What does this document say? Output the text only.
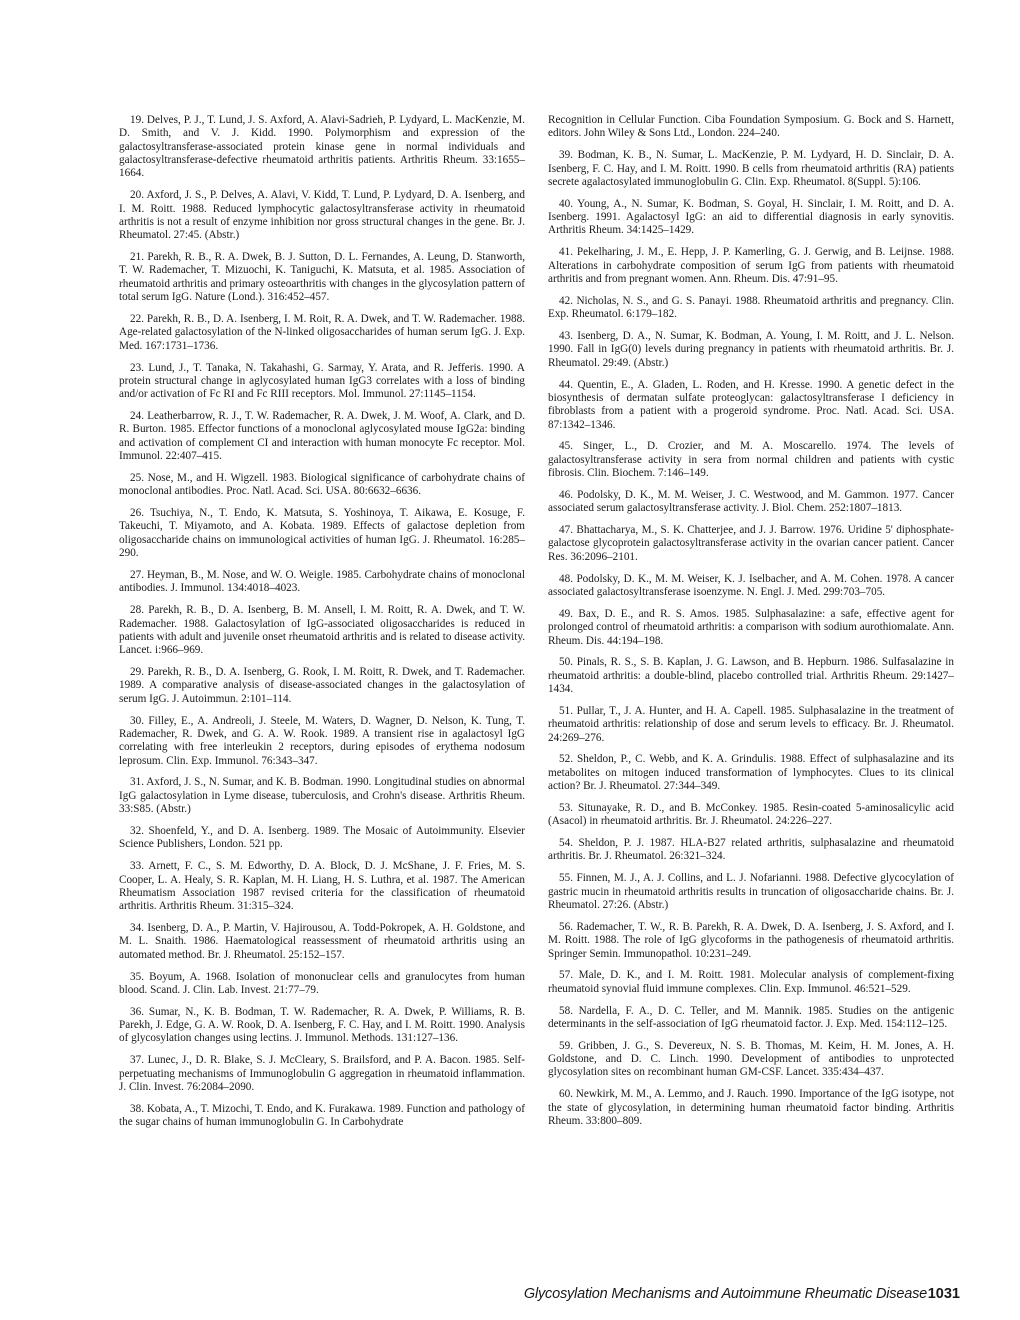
19. Delves, P. J., T. Lund, J. S. Axford, A. Alavi-Sadrieh, P. Lydyard, L. MacKenzie, M. D. Smith, and V. J. Kidd. 1990. Polymorphism and expression of the galactosyltransferase-associated protein kinase gene in normal individuals and galactosyltransferase-defective rheumatoid arthritis patients. Arthritis Rheum. 33:1655–1664.

20. Axford, J. S., P. Delves, A. Alavi, V. Kidd, T. Lund, P. Lydyard, D. A. Isenberg, and I. M. Roitt. 1988. Reduced lymphocytic galactosyltransferase activity in rheumatoid arthritis is not a result of enzyme inhibition nor gross structural changes in the gene. Br. J. Rheumatol. 27:45. (Abstr.)

21. Parekh, R. B., R. A. Dwek, B. J. Sutton, D. L. Fernandes, A. Leung, D. Stanworth, T. W. Rademacher, T. Mizuochi, K. Taniguchi, K. Matsuta, et al. 1985. Association of rheumatoid arthritis and primary osteoarthritis with changes in the glycosylation pattern of total serum IgG. Nature (Lond.). 316:452–457.

22. Parekh, R. B., D. A. Isenberg, I. M. Roit, R. A. Dwek, and T. W. Rademacher. 1988. Age-related galactosylation of the N-linked oligosaccharides of human serum IgG. J. Exp. Med. 167:1731–1736.

23. Lund, J., T. Tanaka, N. Takahashi, G. Sarmay, Y. Arata, and R. Jefferis. 1990. A protein structural change in aglycosylated human IgG3 correlates with a loss of binding and/or activation of Fc RI and Fc RIII receptors. Mol. Immunol. 27:1145–1154.

24. Leatherbarrow, R. J., T. W. Rademacher, R. A. Dwek, J. M. Woof, A. Clark, and D. R. Burton. 1985. Effector functions of a monoclonal aglycosylated mouse IgG2a: binding and activation of complement CI and interaction with human monocyte Fc receptor. Mol. Immunol. 22:407–415.

25. Nose, M., and H. Wigzell. 1983. Biological significance of carbohydrate chains of monoclonal antibodies. Proc. Natl. Acad. Sci. USA. 80:6632–6636.

26. Tsuchiya, N., T. Endo, K. Matsuta, S. Yoshinoya, T. Aikawa, E. Kosuge, F. Takeuchi, T. Miyamoto, and A. Kobata. 1989. Effects of galactose depletion from oligosaccharide chains on immunological activities of human IgG. J. Rheumatol. 16:285–290.

27. Heyman, B., M. Nose, and W. O. Weigle. 1985. Carbohydrate chains of monoclonal antibodies. J. Immunol. 134:4018–4023.

28. Parekh, R. B., D. A. Isenberg, B. M. Ansell, I. M. Roitt, R. A. Dwek, and T. W. Rademacher. 1988. Galactosylation of IgG-associated oligosaccharides is reduced in patients with adult and juvenile onset rheumatoid arthritis and is related to disease activity. Lancet. i:966–969.

29. Parekh, R. B., D. A. Isenberg, G. Rook, I. M. Roitt, R. Dwek, and T. Rademacher. 1989. A comparative analysis of disease-associated changes in the galactosylation of serum IgG. J. Autoimmun. 2:101–114.

30. Filley, E., A. Andreoli, J. Steele, M. Waters, D. Wagner, D. Nelson, K. Tung, T. Rademacher, R. Dwek, and G. A. W. Rook. 1989. A transient rise in agalactosyl IgG correlating with free interleukin 2 receptors, during episodes of erythema nodosum leprosum. Clin. Exp. Immunol. 76:343–347.

31. Axford, J. S., N. Sumar, and K. B. Bodman. 1990. Longitudinal studies on abnormal IgG galactosylation in Lyme disease, tuberculosis, and Crohn's disease. Arthritis Rheum. 33:S85. (Abstr.)

32. Shoenfeld, Y., and D. A. Isenberg. 1989. The Mosaic of Autoimmunity. Elsevier Science Publishers, London. 521 pp.

33. Arnett, F. C., S. M. Edworthy, D. A. Block, D. J. McShane, J. F. Fries, M. S. Cooper, L. A. Healy, S. R. Kaplan, M. H. Liang, H. S. Luthra, et al. 1987. The American Rheumatism Association 1987 revised criteria for the classification of rheumatoid arthritis. Arthritis Rheum. 31:315–324.

34. Isenberg, D. A., P. Martin, V. Hajirousou, A. Todd-Pokropek, A. H. Goldstone, and M. L. Snaith. 1986. Haematological reassessment of rheumatoid arthritis using an automated method. Br. J. Rheumatol. 25:152–157.

35. Boyum, A. 1968. Isolation of mononuclear cells and granulocytes from human blood. Scand. J. Clin. Lab. Invest. 21:77–79.

36. Sumar, N., K. B. Bodman, T. W. Rademacher, R. A. Dwek, P. Williams, R. B. Parekh, J. Edge, G. A. W. Rook, D. A. Isenberg, F. C. Hay, and I. M. Roitt. 1990. Analysis of glycosylation changes using lectins. J. Immunol. Methods. 131:127–136.

37. Lunec, J., D. R. Blake, S. J. McCleary, S. Brailsford, and P. A. Bacon. 1985. Self-perpetuating mechanisms of Immunoglobulin G aggregation in rheumatoid inflammation. J. Clin. Invest. 76:2084–2090.

38. Kobata, A., T. Mizochi, T. Endo, and K. Furakawa. 1989. Function and pathology of the sugar chains of human immunoglobulin G. In Carbohydrate

Recognition in Cellular Function. Ciba Foundation Symposium. G. Bock and S. Harnett, editors. John Wiley & Sons Ltd., London. 224–240.

39. Bodman, K. B., N. Sumar, L. MacKenzie, P. M. Lydyard, H. D. Sinclair, D. A. Isenberg, F. C. Hay, and I. M. Roitt. 1990. B cells from rheumatoid arthritis (RA) patients secrete agalactosylated immunoglobulin G. Clin. Exp. Rheumatol. 8(Suppl. 5):106.

40. Young, A., N. Sumar, K. Bodman, S. Goyal, H. Sinclair, I. M. Roitt, and D. A. Isenberg. 1991. Agalactosyl IgG: an aid to differential diagnosis in early synovitis. Arthritis Rheum. 34:1425–1429.

41. Pekelharing, J. M., E. Hepp, J. P. Kamerling, G. J. Gerwig, and B. Leijnse. 1988. Alterations in carbohydrate composition of serum IgG from patients with rheumatoid arthritis and from pregnant women. Ann. Rheum. Dis. 47:91–95.

42. Nicholas, N. S., and G. S. Panayi. 1988. Rheumatoid arthritis and pregnancy. Clin. Exp. Rheumatol. 6:179–182.

43. Isenberg, D. A., N. Sumar, K. Bodman, A. Young, I. M. Roitt, and J. L. Nelson. 1990. Fall in IgG(0) levels during pregnancy in patients with rheumatoid arthritis. Br. J. Rheumatol. 29:49. (Abstr.)

44. Quentin, E., A. Gladen, L. Roden, and H. Kresse. 1990. A genetic defect in the biosynthesis of dermatan sulfate proteoglycan: galactosyltransferase I deficiency in fibroblasts from a patient with a progeroid syndrome. Proc. Natl. Acad. Sci. USA. 87:1342–1346.

45. Singer, L., D. Crozier, and M. A. Moscarello. 1974. The levels of galactosyltransferase activity in sera from normal children and patients with cystic fibrosis. Clin. Biochem. 7:146–149.

46. Podolsky, D. K., M. M. Weiser, J. C. Westwood, and M. Gammon. 1977. Cancer associated serum galactosyltransferase activity. J. Biol. Chem. 252:1807–1813.

47. Bhattacharya, M., S. K. Chatterjee, and J. J. Barrow. 1976. Uridine 5' diphosphate-galactose glycoprotein galactosyltransferase activity in the ovarian cancer patient. Cancer Res. 36:2096–2101.

48. Podolsky, D. K., M. M. Weiser, K. J. Iselbacher, and A. M. Cohen. 1978. A cancer associated galactosyltransferase isoenzyme. N. Engl. J. Med. 299:703–705.

49. Bax, D. E., and R. S. Amos. 1985. Sulphasalazine: a safe, effective agent for prolonged control of rheumatoid arthritis: a comparison with sodium aurothiomalate. Ann. Rheum. Dis. 44:194–198.

50. Pinals, R. S., S. B. Kaplan, J. G. Lawson, and B. Hepburn. 1986. Sulfasalazine in rheumatoid arthritis: a double-blind, placebo controlled trial. Arthritis Rheum. 29:1427–1434.

51. Pullar, T., J. A. Hunter, and H. A. Capell. 1985. Sulphasalazine in the treatment of rheumatoid arthritis: relationship of dose and serum levels to efficacy. Br. J. Rheumatol. 24:269–276.

52. Sheldon, P., C. Webb, and K. A. Grindulis. 1988. Effect of sulphasalazine and its metabolites on mitogen induced transformation of lymphocytes. Clues to its clinical action? Br. J. Rheumatol. 27:344–349.

53. Situnayake, R. D., and B. McConkey. 1985. Resin-coated 5-aminosalicylic acid (Asacol) in rheumatoid arthritis. Br. J. Rheumatol. 24:226–227.

54. Sheldon, P. J. 1987. HLA-B27 related arthritis, sulphasalazine and rheumatoid arthritis. Br. J. Rheumatol. 26:321–324.

55. Finnen, M. J., A. J. Collins, and L. J. Nofarianni. 1988. Defective glycocylation of gastric mucin in rheumatoid arthritis results in truncation of oligosaccharide chains. Br. J. Rheumatol. 27:26. (Abstr.)

56. Rademacher, T. W., R. B. Parekh, R. A. Dwek, D. A. Isenberg, J. S. Axford, and I. M. Roitt. 1988. The role of IgG glycoforms in the pathogenesis of rheumatoid arthritis. Springer Semin. Immunopathol. 10:231–249.

57. Male, D. K., and I. M. Roitt. 1981. Molecular analysis of complement-fixing rheumatoid synovial fluid immune complexes. Clin. Exp. Immunol. 46:521–529.

58. Nardella, F. A., D. C. Teller, and M. Mannik. 1985. Studies on the antigenic determinants in the self-association of IgG rheumatoid factor. J. Exp. Med. 154:112–125.

59. Gribben, J. G., S. Devereux, N. S. B. Thomas, M. Keim, H. M. Jones, A. H. Goldstone, and D. C. Linch. 1990. Development of antibodies to unprotected glycosylation sites on recombinant human GM-CSF. Lancet. 335:434–437.

60. Newkirk, M. M., A. Lemmo, and J. Rauch. 1990. Importance of the IgG isotype, not the state of glycosylation, in determining human rheumatoid factor binding. Arthritis Rheum. 33:800–809.

Glycosylation Mechanisms and Autoimmune Rheumatic Disease 1031
